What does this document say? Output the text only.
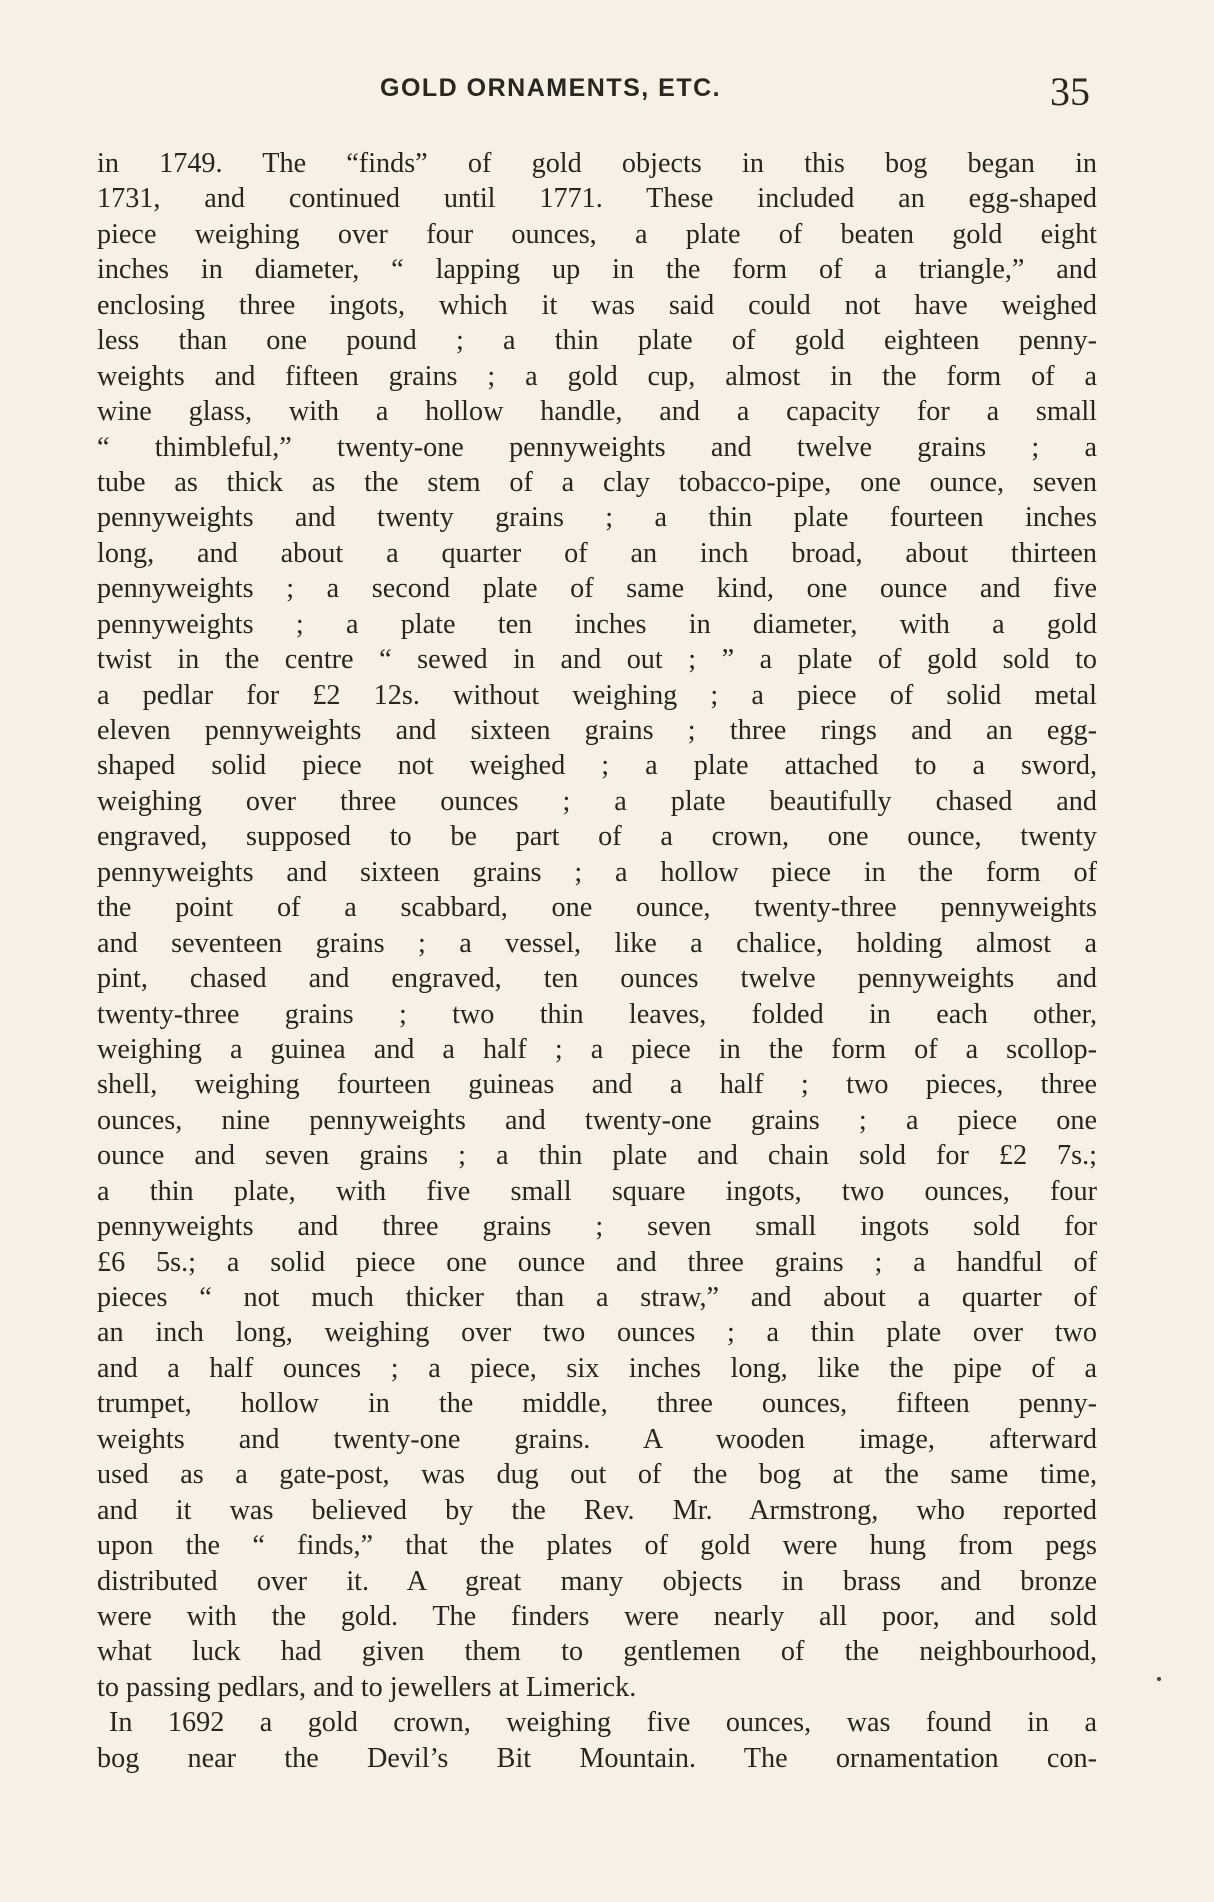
GOLD ORNAMENTS, ETC.	35
in 1749. The “finds” of gold objects in this bog began in
1731, and continued until 1771. These included an egg-shaped
piece weighing over four ounces, a plate of beaten gold eight
inches in diameter, “ lapping up in the form of a triangle,” and
enclosing three ingots, which it was said could not have weighed
less than one pound ; a thin plate of gold eighteen penny-
weights and fifteen grains ; a gold cup, almost in the form of a
wine glass, with a hollow handle, and a capacity for a small
“ thimbleful,” twenty-one pennyweights and twelve grains ; a
tube as thick as the stem of a clay tobacco-pipe, one ounce, seven
pennyweights and twenty grains ; a thin plate fourteen inches
long, and about a quarter of an inch broad, about thirteen
pennyweights ; a second plate of same kind, one ounce and five
pennyweights ; a plate ten inches in diameter, with a gold
twist in the centre “ sewed in and out ; ” a plate of gold sold to
a pedlar for £2 12s. without weighing ; a piece of solid metal
eleven pennyweights and sixteen grains ; three rings and an egg-
shaped solid piece not weighed ; a plate attached to a sword,
weighing over three ounces ; a plate beautifully chased and
engraved, supposed to be part of a crown, one ounce, twenty
pennyweights and sixteen grains ; a hollow piece in the form of
the point of a scabbard, one ounce, twenty-three pennyweights
and seventeen grains ; a vessel, like a chalice, holding almost a
pint, chased and engraved, ten ounces twelve pennyweights and
twenty-three grains ; two thin leaves, folded in each other,
weighing a guinea and a half ; a piece in the form of a scollop-
shell, weighing fourteen guineas and a half ; two pieces, three
ounces, nine pennyweights and twenty-one grains ; a piece one
ounce and seven grains ; a thin plate and chain sold for £2 7s.;
a thin plate, with five small square ingots, two ounces, four
pennyweights and three grains ; seven small ingots sold for
£6 5s.; a solid piece one ounce and three grains ; a handful of
pieces “ not much thicker than a straw,” and about a quarter of
an inch long, weighing over two ounces ; a thin plate over two
and a half ounces ; a piece, six inches long, like the pipe of a
trumpet, hollow in the middle, three ounces, fifteen penny-
weights and twenty-one grains. A wooden image, afterward
used as a gate-post, was dug out of the bog at the same time,
and it was believed by the Rev. Mr. Armstrong, who reported
upon the “ finds,” that the plates of gold were hung from pegs
distributed over it. A great many objects in brass and bronze
were with the gold. The finders were nearly all poor, and sold
what luck had given them to gentlemen of the neighbourhood,
to passing pedlars, and to jewellers at Limerick.
In 1692 a gold crown, weighing five ounces, was found in a
bog near the Devil’s Bit Mountain. The ornamentation con-
